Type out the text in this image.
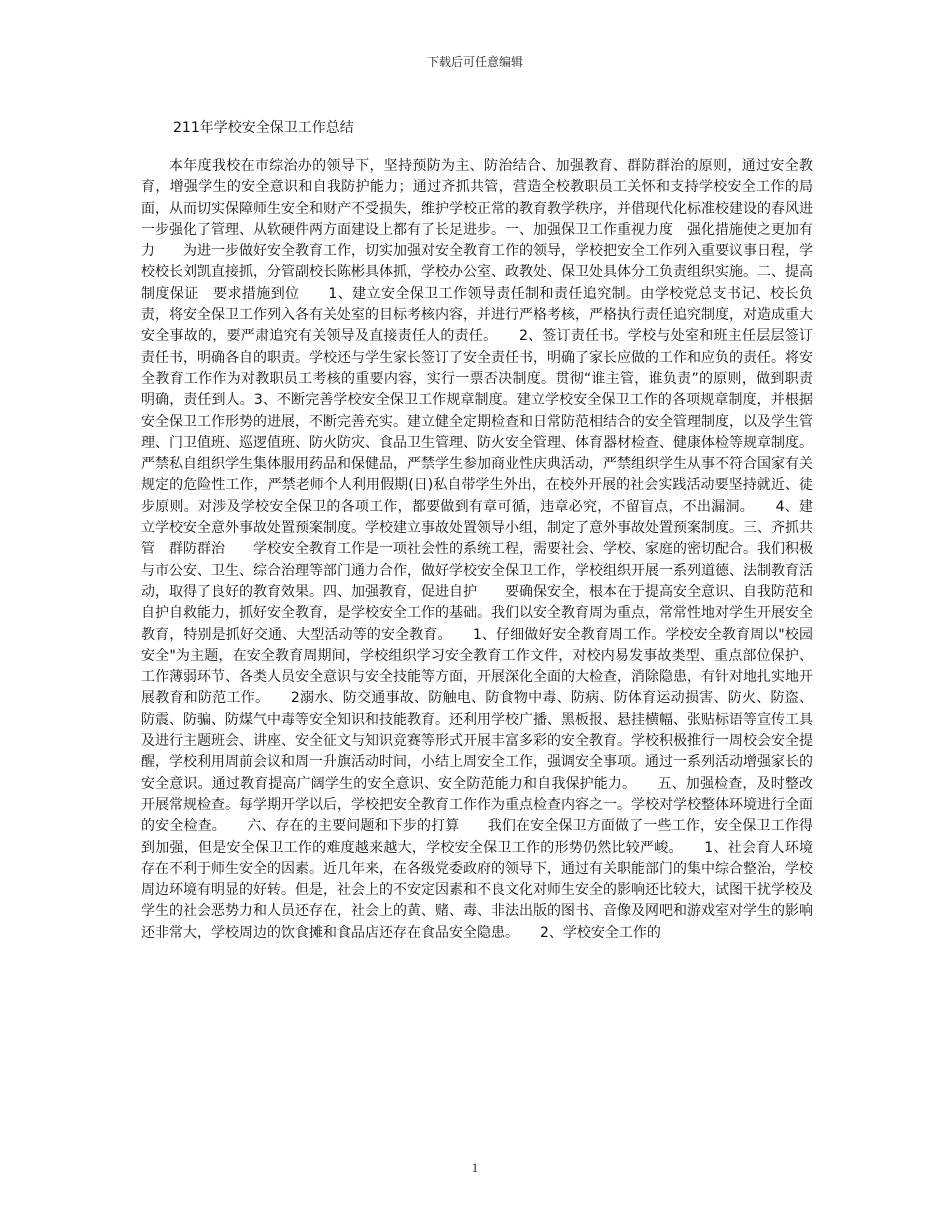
下载后可任意编辑
211年学校安全保卫工作总结

本年度我校在市综治办的领导下，坚持预防为主、防治结合、加强教育、群防群治的原则，通过安全教育，增强学生的安全意识和自我防护能力；通过齐抓共管，营造全校教职员工关怀和支持学校安全工作的局面，从而切实保障师生安全和财产不受损失，维护学校正常的教育教学秩序，并借现代化标准校建设的春风进一步强化了管理、从软硬件两方面建设上都有了长足进步。一、加强保卫工作重视力度　强化措施使之更加有力　　为进一步做好安全教育工作，切实加强对安全教育工作的领导，学校把安全工作列入重要议事日程，学校校长刘凯直接抓，分管副校长陈彬具体抓，学校办公室、政教处、保卫处具体分工负责组织实施。二、提高制度保证　要求措施到位　　1、建立安全保卫工作领导责任制和责任追究制。由学校党总支书记、校长负责，将安全保卫工作列入各有关处室的目标考核内容，并进行严格考核，严格执行责任追究制度，对造成重大安全事故的，要严肃追究有关领导及直接责任人的责任。　　2、签订责任书。学校与处室和班主任层层签订责任书，明确各自的职责。学校还与学生家长签订了安全责任书，明确了家长应做的工作和应负的责任。将安全教育工作作为对教职员工考核的重要内容，实行一票否决制度。贯彻“谁主管，谁负责”的原则，做到职责明确，责任到人。3、不断完善学校安全保卫工作规章制度。建立学校安全保卫工作的各项规章制度，并根据安全保卫工作形势的进展，不断完善充实。建立健全定期检查和日常防范相结合的安全管理制度，以及学生管理、门卫值班、巡逻值班、防火防灾、食品卫生管理、防火安全管理、体育器材检查、健康体检等规章制度。严禁私自组织学生集体服用药品和保健品，严禁学生参加商业性庆典活动，严禁组织学生从事不符合国家有关规定的危险性工作，严禁老师个人利用假期(日)私自带学生外出，在校外开展的社会实践活动要坚持就近、徒步原则。对涉及学校安全保卫的各项工作，都要做到有章可循，违章必究，不留盲点，不出漏洞。　　4、建立学校安全意外事故处置预案制度。学校建立事故处置领导小组，制定了意外事故处置预案制度。三、齐抓共管　群防群治　　学校安全教育工作是一项社会性的系统工程，需要社会、学校、家庭的密切配合。我们积极与市公安、卫生、综合治理等部门通力合作，做好学校安全保卫工作，学校组织开展一系列道德、法制教育活动，取得了良好的教育效果。四、加强教育，促进自护　　要确保安全，根本在于提高安全意识、自我防范和自护自救能力，抓好安全教育，是学校安全工作的基础。我们以安全教育周为重点，常常性地对学生开展安全教育，特别是抓好交通、大型活动等的安全教育。　　1、仔细做好安全教育周工作。学校安全教育周以"校园安全"为主题，在安全教育周期间，学校组织学习安全教育工作文件，对校内易发事故类型、重点部位保护、工作薄弱环节、各类人员安全意识与安全技能等方面，开展深化全面的大检查，消除隐患，有针对地扎实地开展教育和防范工作。　　2溺水、防交通事故、防触电、防食物中毒、防病、防体育运动损害、防火、防盗、防震、防骗、防煤气中毒等安全知识和技能教育。还利用学校广播、黑板报、悬挂横幅、张贴标语等宣传工具及进行主题班会、讲座、安全征文与知识竞赛等形式开展丰富多彩的安全教育。学校积极推行一周校会安全提醒，学校利用周前会议和周一升旗活动时间，小结上周安全工作，强调安全事项。通过一系列活动增强家长的安全意识。通过教育提高广阔学生的安全意识、安全防范能力和自我保护能力。　　五、加强检查，及时整改　　开展常规检查。每学期开学以后，学校把安全教育工作作为重点检查内容之一。学校对学校整体环境进行全面的安全检查。　　六、存在的主要问题和下步的打算　　我们在安全保卫方面做了一些工作，安全保卫工作得到加强，但是安全保卫工作的难度越来越大，学校安全保卫工作的形势仍然比较严峻。　　1、社会育人环境存在不利于师生安全的因素。近几年来，在各级党委政府的领导下，通过有关职能部门的集中综合整治，学校周边环境有明显的好转。但是，社会上的不安定因素和不良文化对师生安全的影响还比较大，试图干扰学校及学生的社会恶势力和人员还存在，社会上的黄、赌、毒、非法出版的图书、音像及网吧和游戏室对学生的影响还非常大，学校周边的饮食摊和食品店还存在食品安全隐患。　　2、学校安全工作的

1
